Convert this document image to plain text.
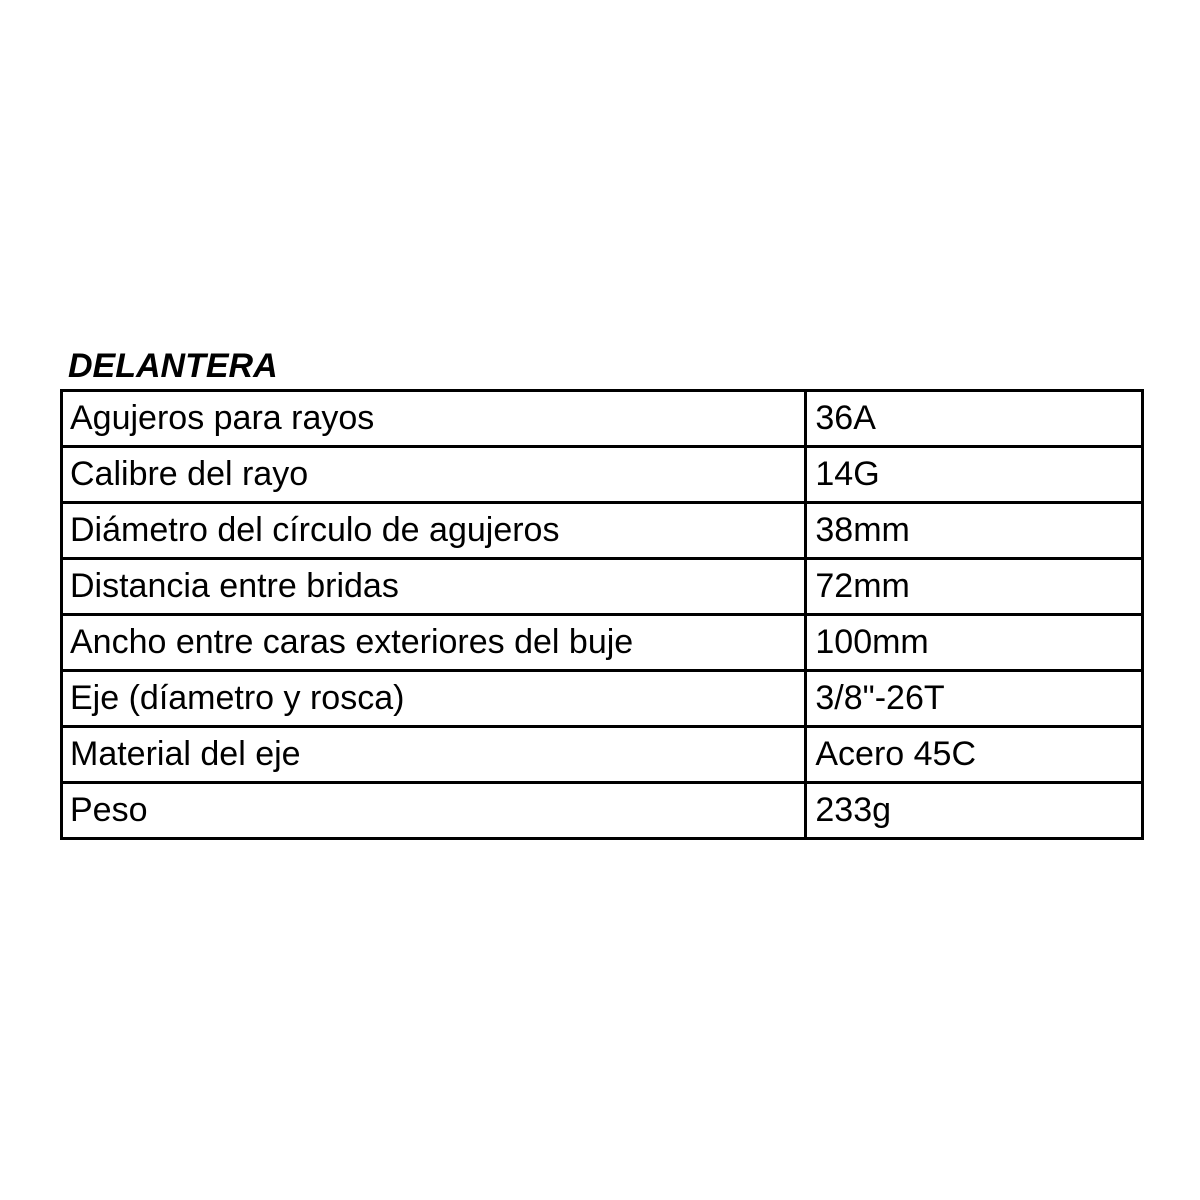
DELANTERA
Agujeros para rayos	36A
Calibre del rayo	14G
Diámetro del círculo de agujeros	38mm
Distancia entre bridas	72mm
Ancho entre caras exteriores del buje	100mm
Eje (díametro y rosca)	3/8"-26T
Material del eje	Acero 45C
Peso	233g
